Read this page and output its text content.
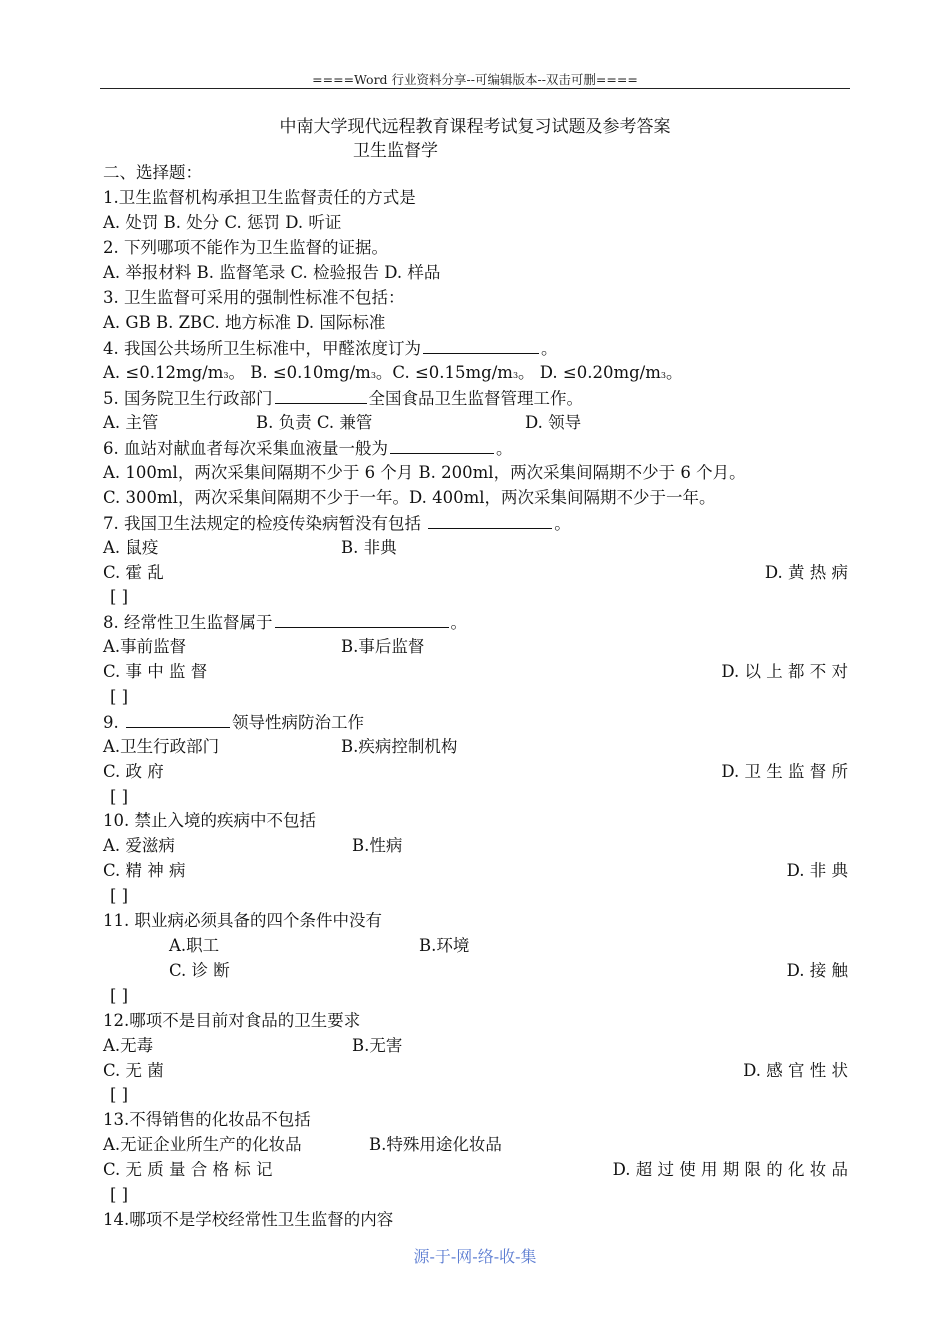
====Word 行业资料分享--可编辑版本--双击可删====
中南大学现代远程教育课程考试复习试题及参考答案
卫生监督学
二、选择题：
1.卫生监督机构承担卫生监督责任的方式是
A. 处罚 B. 处分 C. 惩罚 D. 听证
2. 下列哪项不能作为卫生监督的证据。
A. 举报材料 B. 监督笔录 C. 检验报告 D. 样品
3. 卫生监督可采用的强制性标准不包括：
A. GB B. ZBC. 地方标准 D. 国际标准
4. 我国公共场所卫生标准中，甲醛浓度订为	。
A. ≤0.12mg/m3。 B. ≤0.10mg/m3。C. ≤0.15mg/m3。 D. ≤0.20mg/m3。
5. 国务院卫生行政部门	全国食品卫生监督管理工作。
A. 主管	B. 负责 C. 兼管	D. 领导
6. 血站对献血者每次采集血液量一般为	。
A. 100ml，两次采集间隔期不少于 6 个月 B. 200ml，两次采集间隔期不少于 6 个月。
C. 300ml，两次采集间隔期不少于一年。D. 400ml，两次采集间隔期不少于一年。
7. 我国卫生法规定的检疫传染病暂没有包括	。
A. 鼠疫	B. 非典
C. 霍 乱	D. 黄 热 病
[ ]
8. 经常性卫生监督属于	。
A.事前监督	B.事后监督
C. 事 中 监 督	D. 以 上 都 不 对
[ ]
9.	领导性病防治工作
A.卫生行政部门	B.疾病控制机构
C. 政 府	D. 卫 生 监 督 所
[ ]
10. 禁止入境的疾病中不包括
A. 爱滋病	B.性病
C. 精 神 病	D. 非 典
[ ]
11. 职业病必须具备的四个条件中没有
A.职工	B.环境
C. 诊 断	D. 接 触
[ ]
12.哪项不是目前对食品的卫生要求
A.无毒	B.无害
C. 无 菌	D. 感 官 性 状
[ ]
13.不得销售的化妆品不包括
A.无证企业所生产的化妆品	B.特殊用途化妆品
C. 无 质 量 合 格 标 记	D. 超 过 使 用 期 限 的 化 妆 品
[ ]
14.哪项不是学校经常性卫生监督的内容
源-于-网-络-收-集
